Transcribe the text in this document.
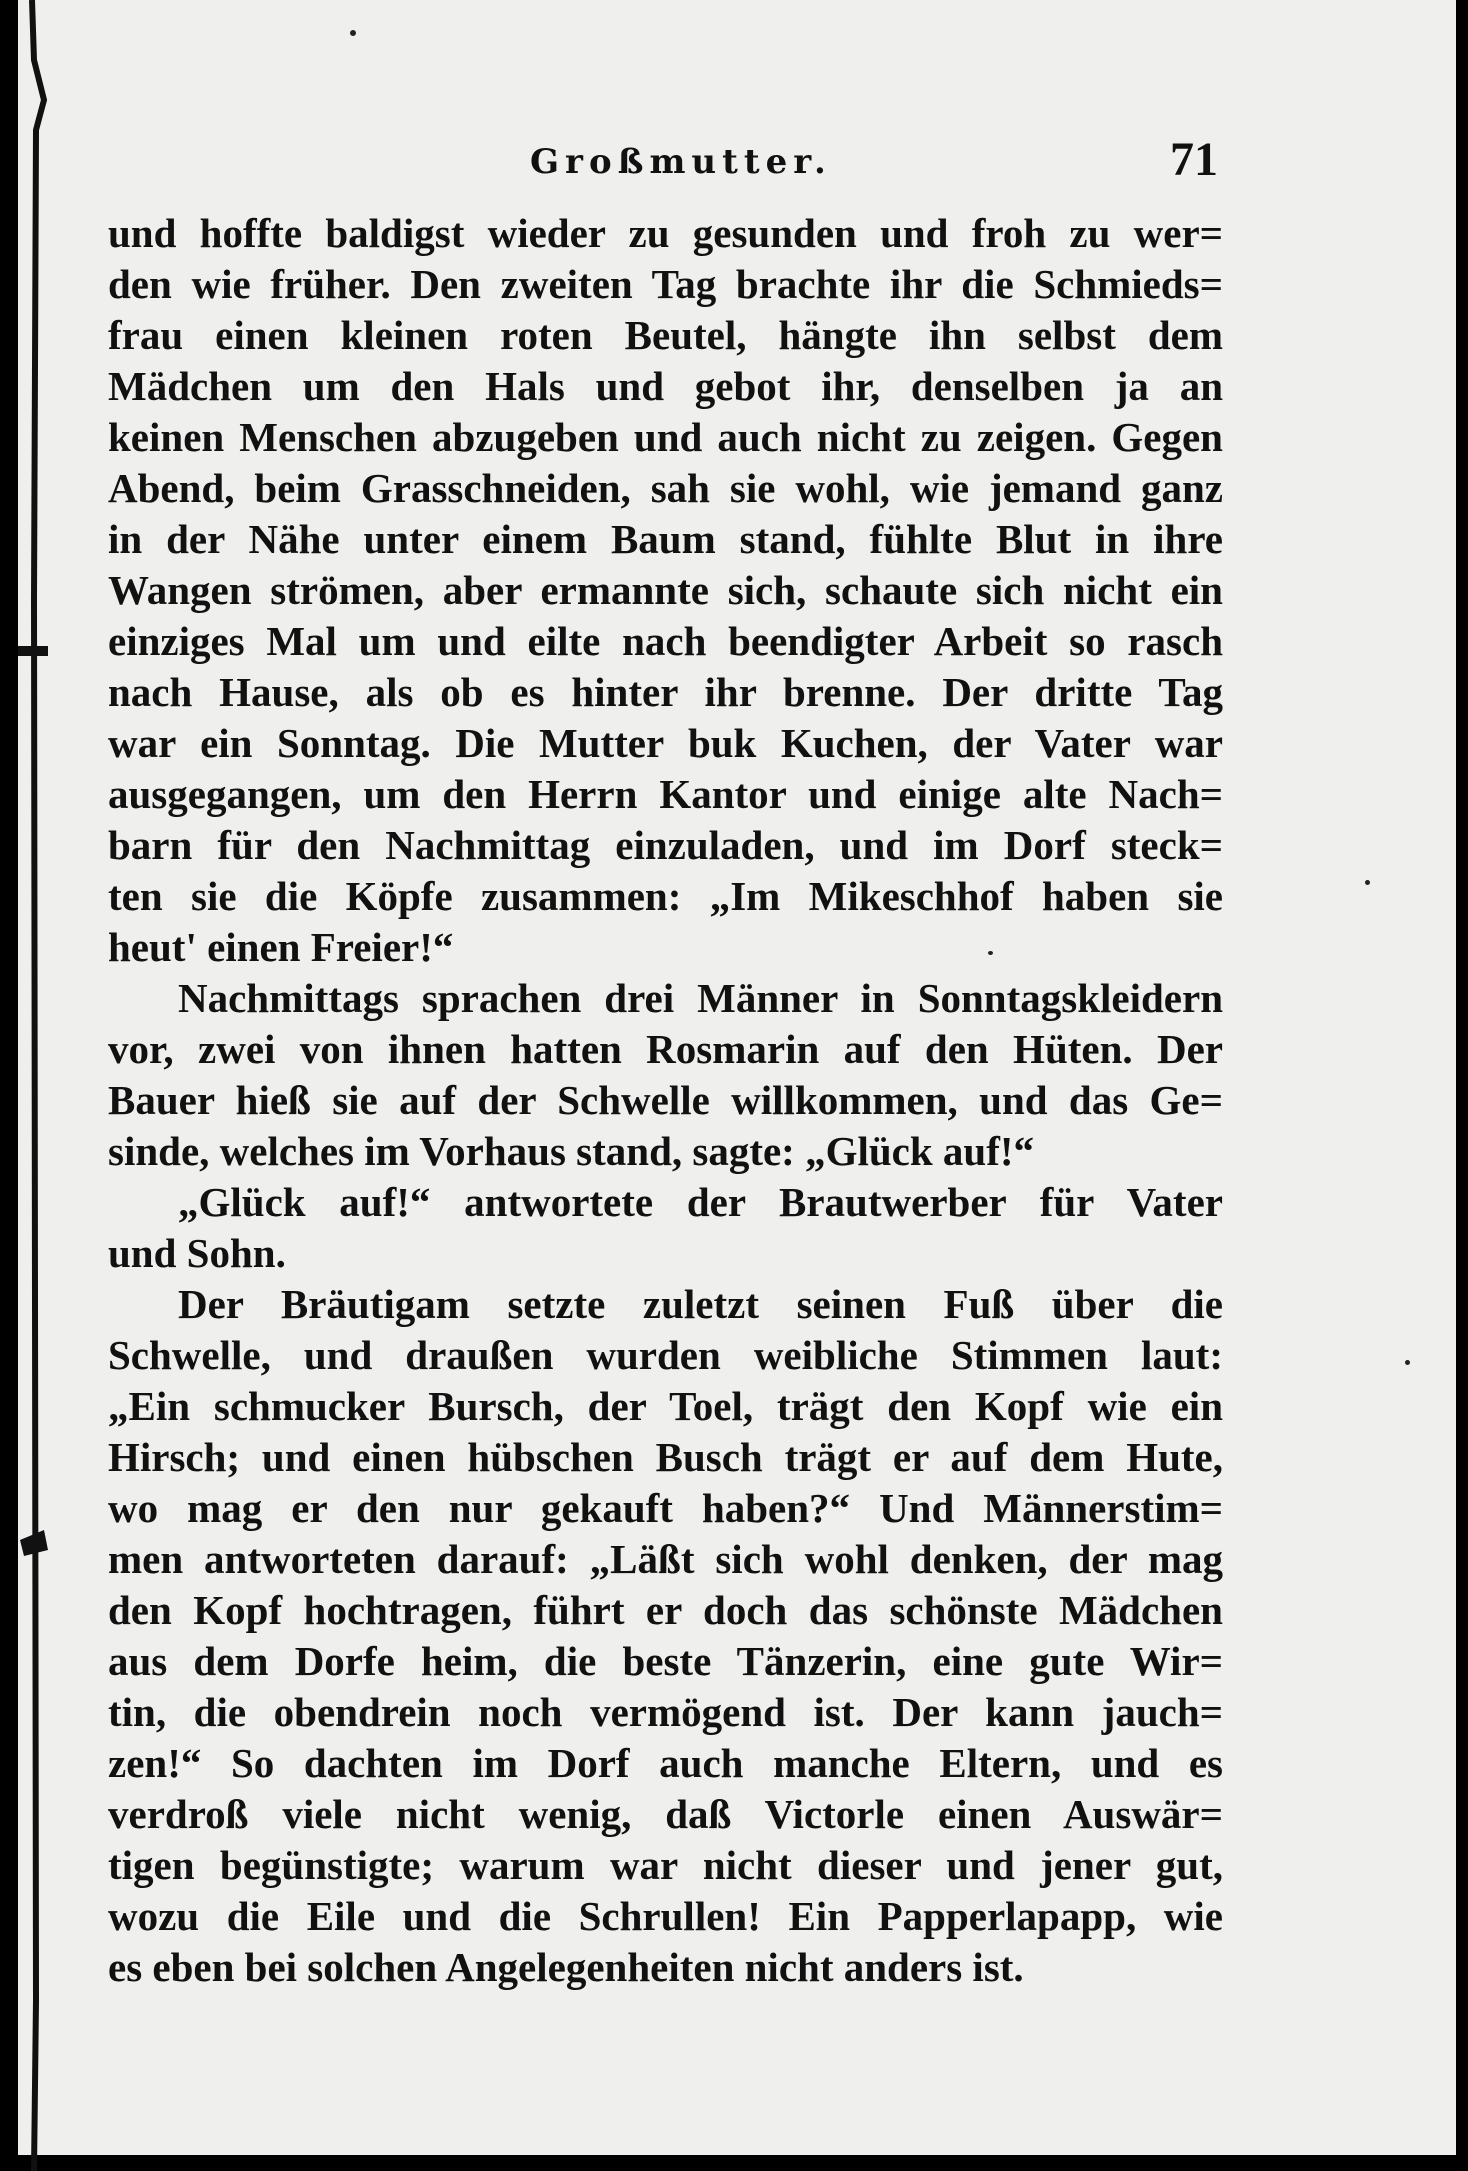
Großmutter.	71
und hoffte baldigst wieder zu gesunden und froh zu wer=
den wie früher. Den zweiten Tag brachte ihr die Schmieds=
frau einen kleinen roten Beutel, hängte ihn selbst dem
Mädchen um den Hals und gebot ihr, denselben ja an
keinen Menschen abzugeben und auch nicht zu zeigen. Gegen
Abend, beim Grasschneiden, sah sie wohl, wie jemand ganz
in der Nähe unter einem Baum stand, fühlte Blut in ihre
Wangen strömen, aber ermannte sich, schaute sich nicht ein
einziges Mal um und eilte nach beendigter Arbeit so rasch
nach Hause, als ob es hinter ihr brenne. Der dritte Tag
war ein Sonntag. Die Mutter buk Kuchen, der Vater war
ausgegangen, um den Herrn Kantor und einige alte Nach=
barn für den Nachmittag einzuladen, und im Dorf steck=
ten sie die Köpfe zusammen: „Im Mikeschhof haben sie
heut' einen Freier!“
Nachmittags sprachen drei Männer in Sonntagskleidern
vor, zwei von ihnen hatten Rosmarin auf den Hüten. Der
Bauer hieß sie auf der Schwelle willkommen, und das Ge=
sinde, welches im Vorhaus stand, sagte: „Glück auf!“
„Glück auf!“ antwortete der Brautwerber für Vater
und Sohn.
Der Bräutigam setzte zuletzt seinen Fuß über die
Schwelle, und draußen wurden weibliche Stimmen laut:
„Ein schmucker Bursch, der Toel, trägt den Kopf wie ein
Hirsch; und einen hübschen Busch trägt er auf dem Hute,
wo mag er den nur gekauft haben?“ Und Männerstim=
men antworteten darauf: „Läßt sich wohl denken, der mag
den Kopf hochtragen, führt er doch das schönste Mädchen
aus dem Dorfe heim, die beste Tänzerin, eine gute Wir=
tin, die obendrein noch vermögend ist. Der kann jauch=
zen!“ So dachten im Dorf auch manche Eltern, und es
verdroß viele nicht wenig, daß Victorle einen Auswär=
tigen begünstigte; warum war nicht dieser und jener gut,
wozu die Eile und die Schrullen! Ein Papperlapapp, wie
es eben bei solchen Angelegenheiten nicht anders ist.
